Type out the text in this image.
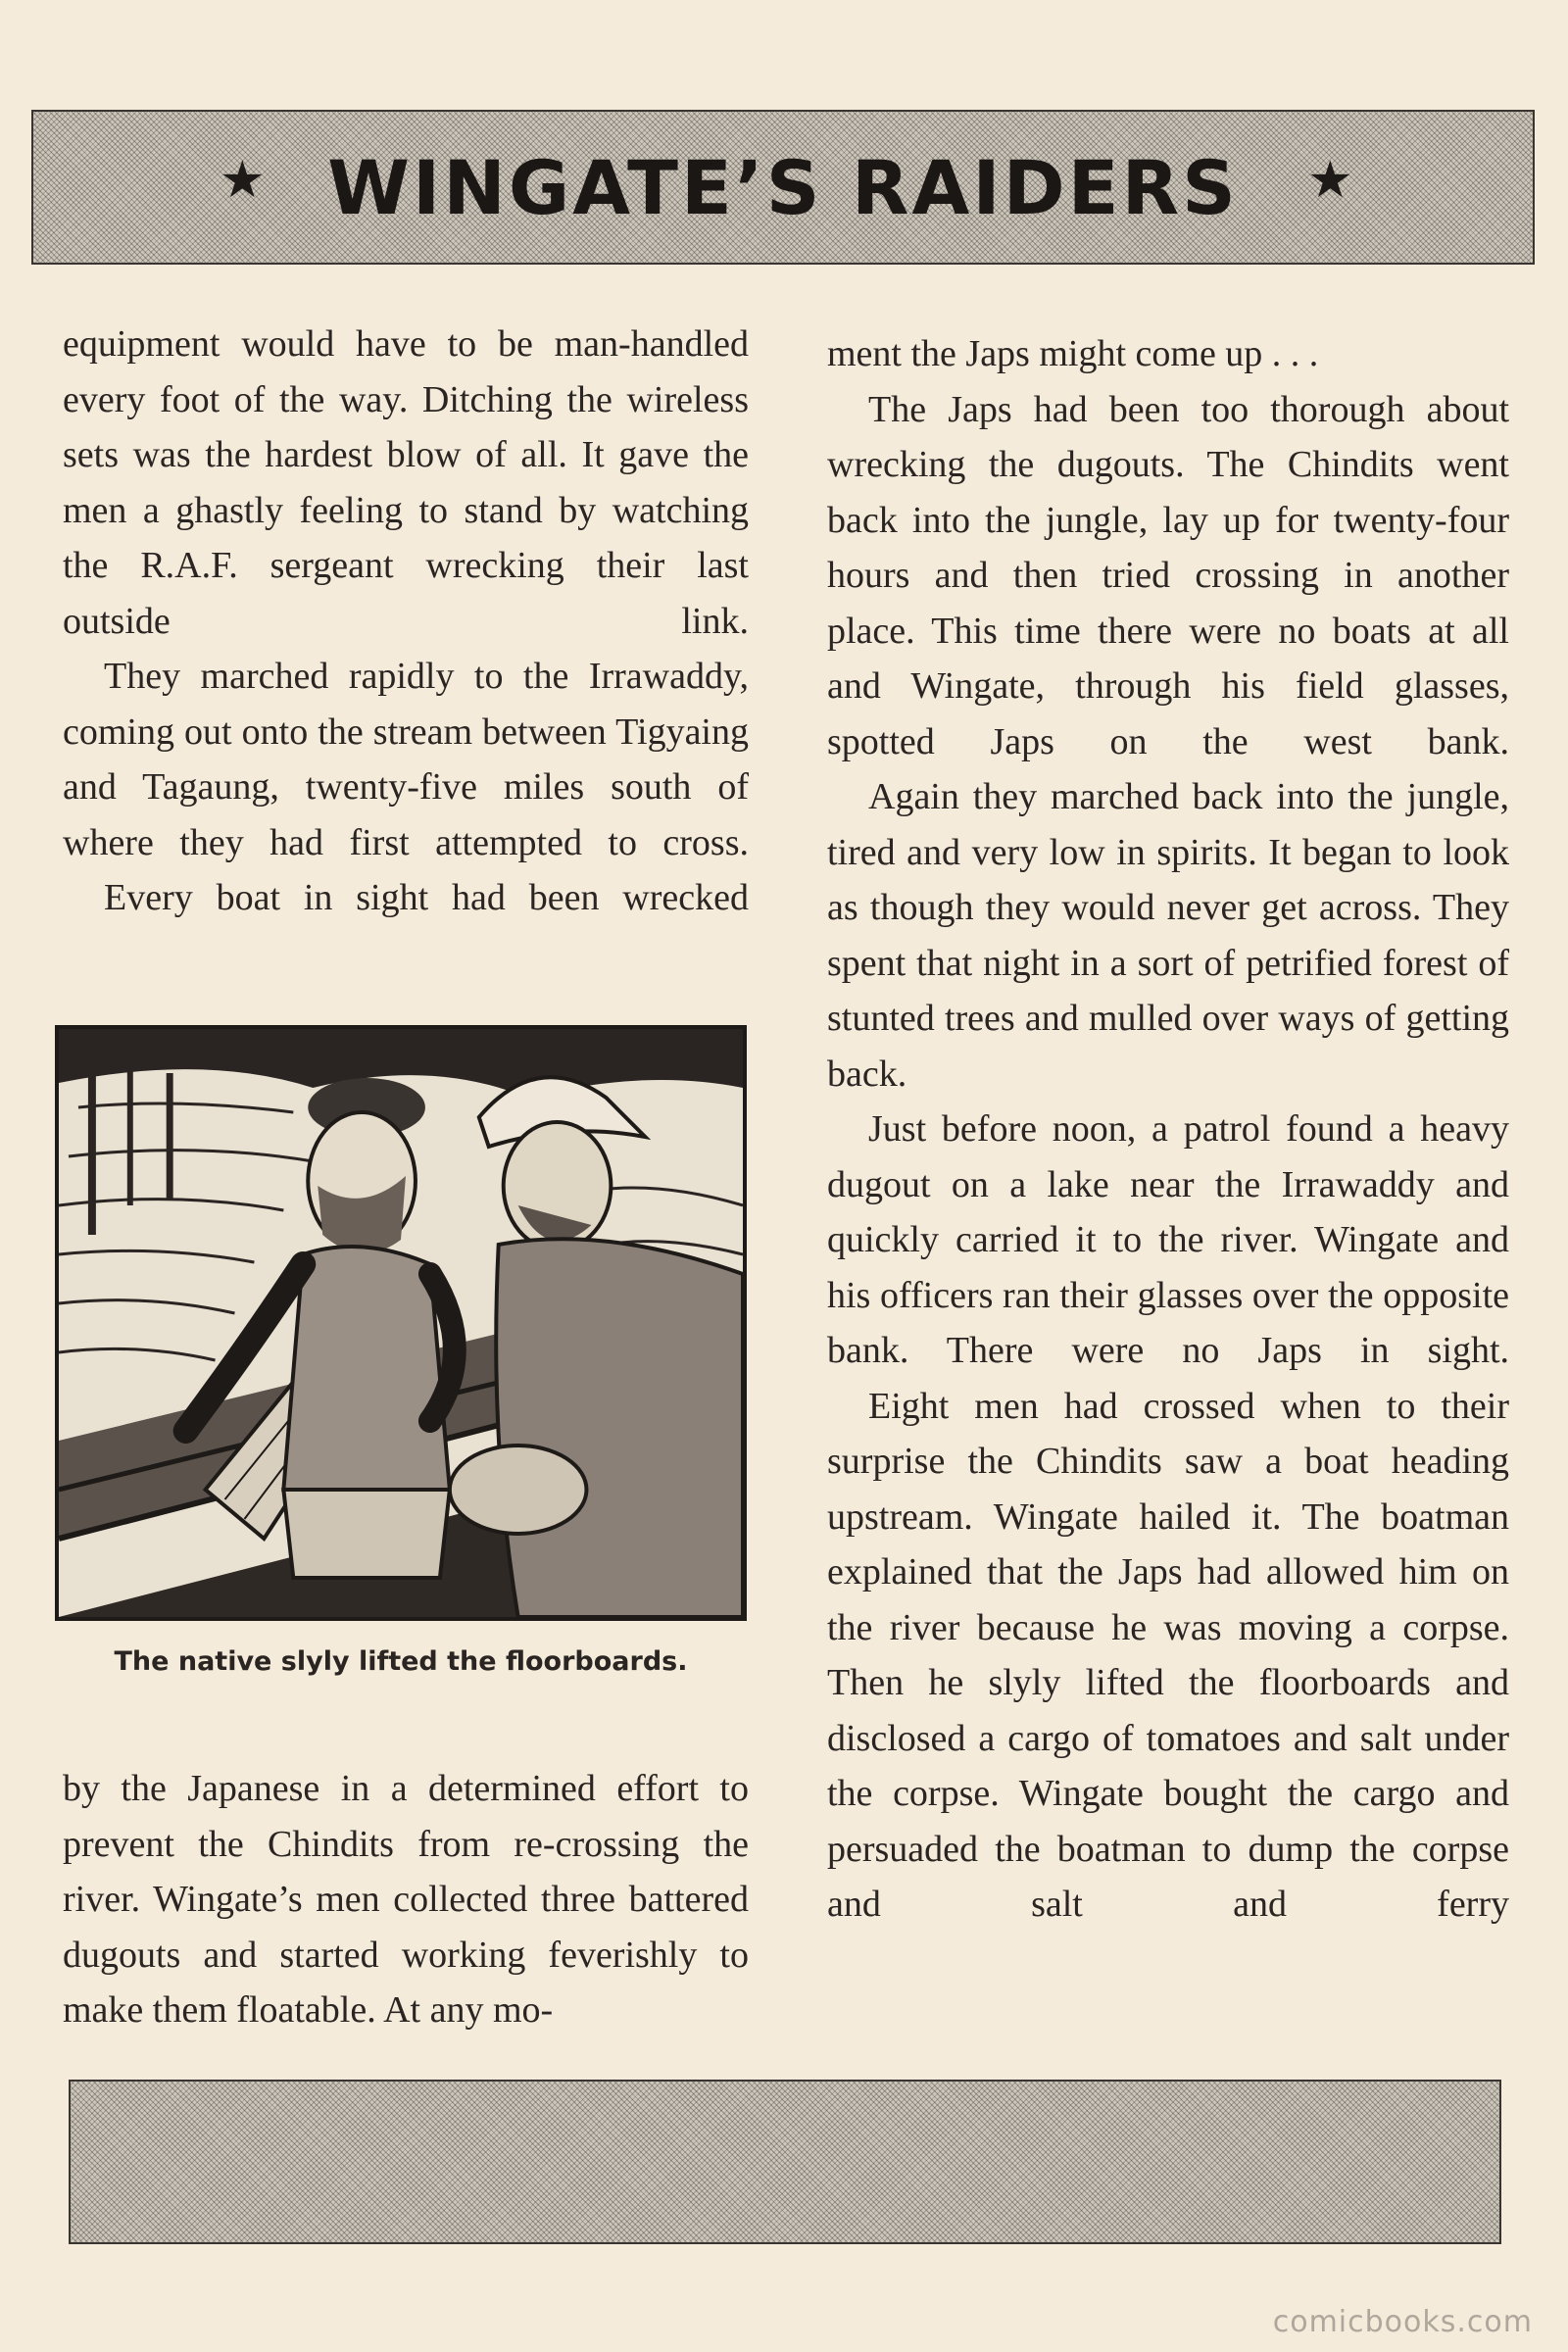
★ WINGATE’S RAIDERS ★

equipment would have to be man-handled every foot of the way. Ditching the wireless sets was the hardest blow of all. It gave the men a ghastly feeling to stand by watching the R.A.F. sergeant wrecking their last outside link.

They marched rapidly to the Irrawaddy, coming out onto the stream between Tigyaing and Tagaung, twenty-five miles south of where they had first attempted to cross.

Every boat in sight had been wrecked

The native slyly lifted the floorboards.

by the Japanese in a determined effort to prevent the Chindits from re-crossing the river. Wingate’s men collected three battered dugouts and started working feverishly to make them floatable. At any mo-

ment the Japs might come up . . .

The Japs had been too thorough about wrecking the dugouts. The Chindits went back into the jungle, lay up for twenty-four hours and then tried crossing in another place. This time there were no boats at all and Wingate, through his field glasses, spotted Japs on the west bank.

Again they marched back into the jungle, tired and very low in spirits. It began to look as though they would never get across. They spent that night in a sort of petrified forest of stunted trees and mulled over ways of getting back.

Just before noon, a patrol found a heavy dugout on a lake near the Irrawaddy and quickly carried it to the river. Wingate and his officers ran their glasses over the opposite bank. There were no Japs in sight.

Eight men had crossed when to their surprise the Chindits saw a boat heading upstream. Wingate hailed it. The boatman explained that the Japs had allowed him on the river because he was moving a corpse. Then he slyly lifted the floorboards and disclosed a cargo of tomatoes and salt under the corpse. Wingate bought the cargo and persuaded the boatman to dump the corpse and salt and ferry

comicbooks.com
